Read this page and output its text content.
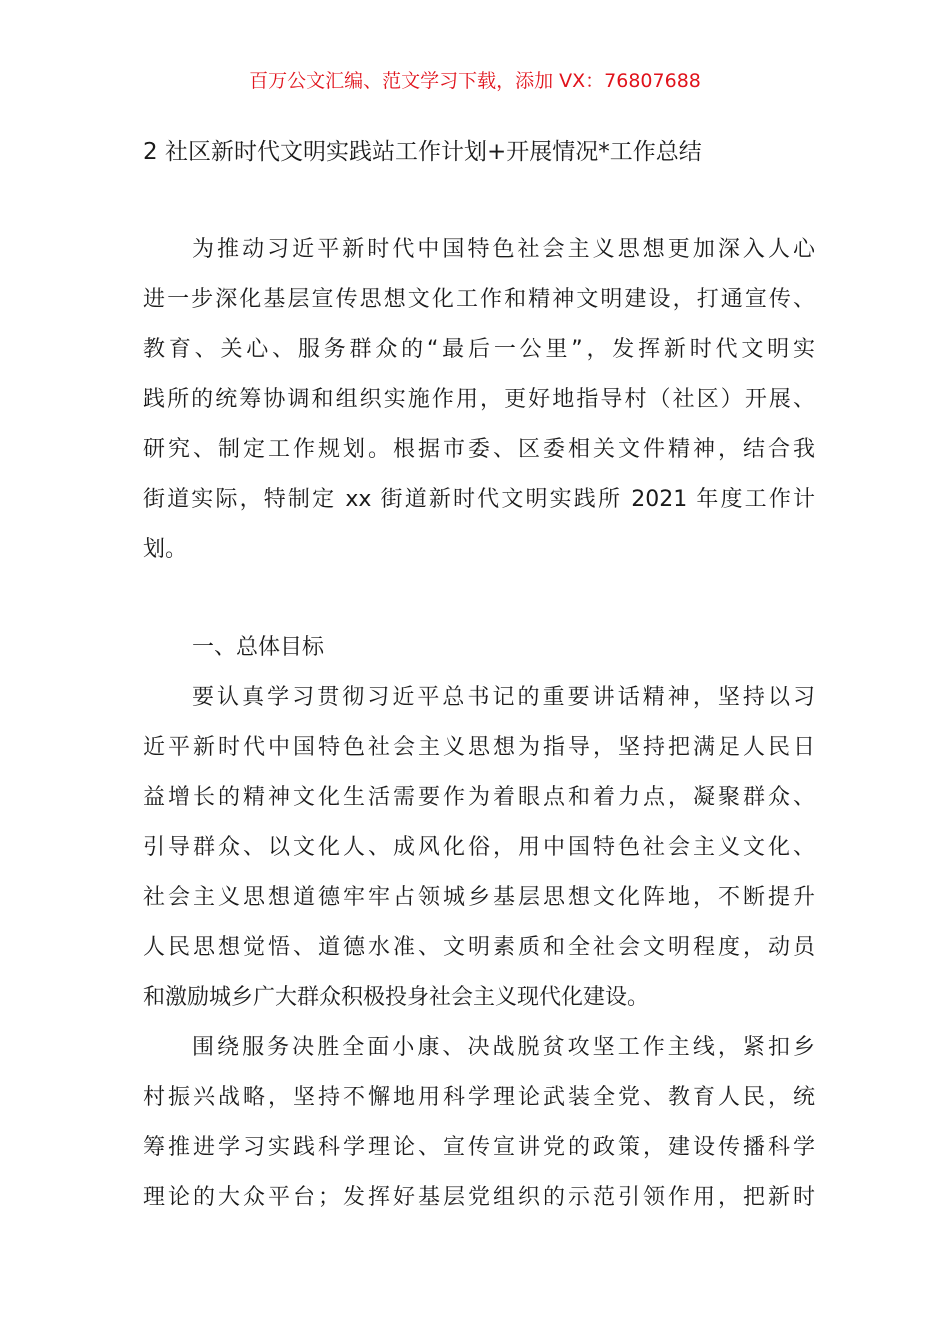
百万公文汇编、范文学习下载，添加 VX：76807688
2 社区新时代文明实践站工作计划+开展情况*工作总结
为推动习近平新时代中国特色社会主义思想更加深入人心
进一步深化基层宣传思想文化工作和精神文明建设，打通宣传、
教育、关心、服务群众的“最后一公里”，发挥新时代文明实
践所的统筹协调和组织实施作用，更好地指导村（社区）开展、
研究、制定工作规划。根据市委、区委相关文件精神，结合我
街道实际，特制定 xx 街道新时代文明实践所 2021 年度工作计
划。
一、总体目标
要认真学习贯彻习近平总书记的重要讲话精神，坚持以习
近平新时代中国特色社会主义思想为指导，坚持把满足人民日
益增长的精神文化生活需要作为着眼点和着力点，凝聚群众、
引导群众、以文化人、成风化俗，用中国特色社会主义文化、
社会主义思想道德牢牢占领城乡基层思想文化阵地，不断提升
人民思想觉悟、道德水准、文明素质和全社会文明程度，动员
和激励城乡广大群众积极投身社会主义现代化建设。
围绕服务决胜全面小康、决战脱贫攻坚工作主线，紧扣乡
村振兴战略，坚持不懈地用科学理论武装全党、教育人民，统
筹推进学习实践科学理论、宣传宣讲党的政策，建设传播科学
理论的大众平台；发挥好基层党组织的示范引领作用，把新时
